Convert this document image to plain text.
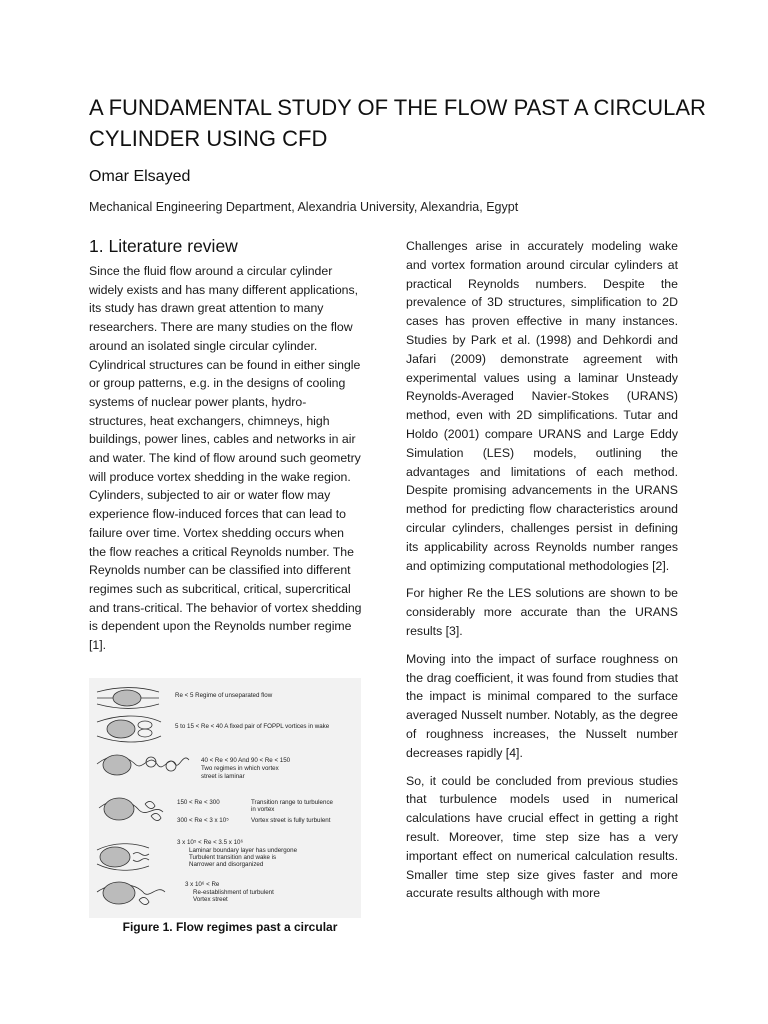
A FUNDAMENTAL STUDY OF THE FLOW PAST A CIRCULAR CYLINDER USING CFD
Omar Elsayed
Mechanical Engineering Department, Alexandria University, Alexandria, Egypt
1. Literature review

Since the fluid flow around a circular cylinder widely exists and has many different applications, its study has drawn great attention to many researchers. There are many studies on the flow around an isolated single circular cylinder. Cylindrical structures can be found in either single or group patterns, e.g. in the designs of cooling systems of nuclear power plants, hydro-structures, heat exchangers, chimneys, high buildings, power lines, cables and networks in air and water. The kind of flow around such geometry will produce vortex shedding in the wake region. Cylinders, subjected to air or water flow may experience flow-induced forces that can lead to failure over time. Vortex shedding occurs when the flow reaches a critical Reynolds number. The Reynolds number can be classified into different regimes such as subcritical, critical, supercritical and trans-critical. The behavior of vortex shedding is dependent upon the Reynolds number regime [1].

Re < 5 Regime of unseparated flow
5 to 15 < Re < 40 A fixed pair of FOPPL vortices in wake
40 < Re < 90 And 90 < Re < 150
Two regimes in which vortex
street is laminar
150 < Re < 300	Transition range to turbulence
in vortex
300 < Re < 3 x 10⁵	Vortex street is fully turbulent
3 x 10⁵ < Re < 3.5 x 10⁶
Laminar boundary layer has undergone
Turbulent transition and wake is
Narrower and disorganized
3 x 10⁶ < Re
Re-establishment of turbulent
Vortex street
Figure 1. Flow regimes past a circular

Challenges arise in accurately modeling wake and vortex formation around circular cylinders at practical Reynolds numbers. Despite the prevalence of 3D structures, simplification to 2D cases has proven effective in many instances. Studies by Park et al. (1998) and Dehkordi and Jafari (2009) demonstrate agreement with experimental values using a laminar Unsteady Reynolds-Averaged Navier-Stokes (URANS) method, even with 2D simplifications. Tutar and Holdo (2001) compare URANS and Large Eddy Simulation (LES) models, outlining the advantages and limitations of each method. Despite promising advancements in the URANS method for predicting flow characteristics around circular cylinders, challenges persist in defining its applicability across Reynolds number ranges and optimizing computational methodologies [2].

For higher Re the LES solutions are shown to be considerably more accurate than the URANS results [3].

Moving into the impact of surface roughness on the drag coefficient, it was found from studies that the impact is minimal compared to the surface averaged Nusselt number. Notably, as the degree of roughness increases, the Nusselt number decreases rapidly [4].

So, it could be concluded from previous studies that turbulence models used in numerical calculations have crucial effect in getting a right result. Moreover, time step size has a very important effect on numerical calculation results. Smaller time step size gives faster and more accurate results although with more
